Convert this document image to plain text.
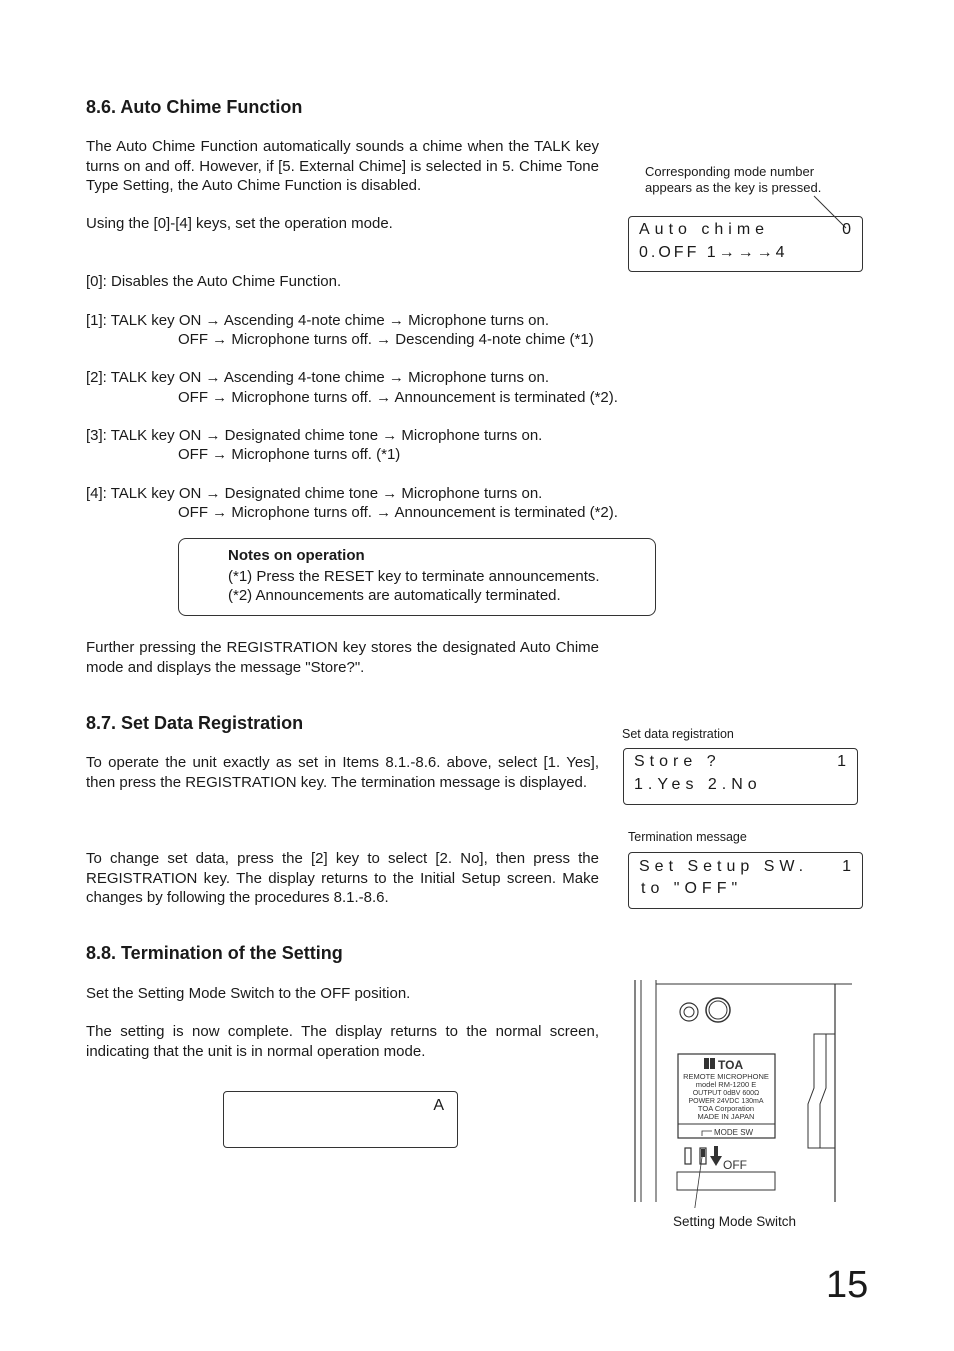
8.6. Auto Chime Function
The Auto Chime Function automatically sounds a chime when the TALK key turns on and off. However, if [5. External Chime] is selected in 5. Chime Tone Type Setting, the Auto Chime Function is disabled.
Using the [0]-[4] keys, set the operation mode.
Corresponding mode number appears as the key is pressed.
Auto chime	0
0.OFF 1→→→4
[0]: Disables the Auto Chime Function.
[1]: TALK key ON → Ascending 4-note chime → Microphone turns on.
OFF → Microphone turns off. → Descending 4-note chime (*1)
[2]: TALK key ON → Ascending 4-tone chime → Microphone turns on.
OFF → Microphone turns off. → Announcement is terminated (*2).
[3]: TALK key ON → Designated chime tone → Microphone turns on.
OFF → Microphone turns off. (*1)
[4]: TALK key ON → Designated chime tone → Microphone turns on.
OFF → Microphone turns off. → Announcement is terminated (*2).
Notes on operation
(*1) Press the RESET key to terminate announcements.
(*2) Announcements are automatically terminated.
Further pressing the REGISTRATION key stores the designated Auto Chime mode and displays the message "Store?".
8.7. Set Data Registration
To operate the unit exactly as set in Items 8.1.-8.6. above, select [1. Yes], then press the REGISTRATION key. The termination message is displayed.
To change set data, press the [2] key to select [2. No], then press the REGISTRATION key. The display returns to the Initial Setup screen. Make changes by following the procedures 8.1.-8.6.
Set data registration
Store ?	1
1.Yes 2.No
Termination message
Set Setup SW. 1
to "OFF"
8.8. Termination of the Setting
Set the Setting Mode Switch to the OFF position.
The setting is now complete. The display returns to the normal screen, indicating that the unit is in normal operation mode.
A
TOA
REMOTE MICROPHONE
model RM-1200 E
OUTPUT 0dBV 600Ω
POWER 24VDC 130mA
TOA Corporation
MADE IN JAPAN
MODE SW
OFF
Setting Mode Switch
15
